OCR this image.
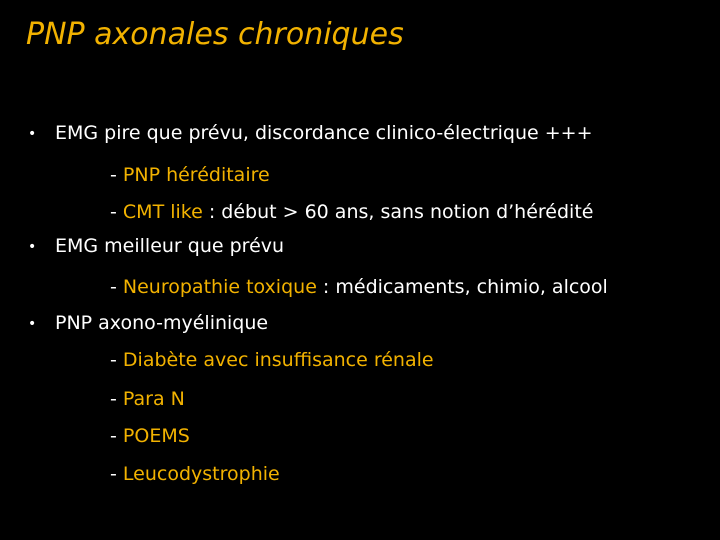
PNP axonales chroniques
• EMG pire que prévu, discordance clinico-électrique +++
- PNP héréditaire
- CMT like : début > 60 ans, sans notion d’hérédité
• EMG meilleur que prévu
- Neuropathie toxique : médicaments, chimio, alcool
• PNP axono-myélinique
- Diabète avec insuffisance rénale
- Para N
- POEMS
- Leucodystrophie
